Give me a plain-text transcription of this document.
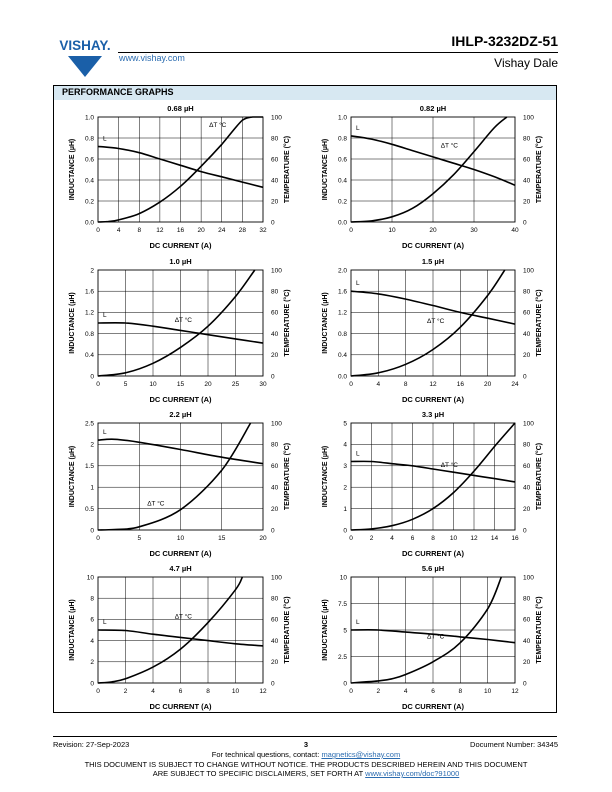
VISHAY.
www.vishay.com
IHLP-3232DZ-51
Vishay Dale
PERFORMANCE GRAPHS
0	4	8 12 16 20 24 28 32
0.0
0.2
0.4
0.6
0.8
1.0
0
20
40
60
80
100
0.68 µH
DC CURRENT (A)
INDUCTANCE (µH)	TEMPERATURE (°C)
L
ΔT °C
0	10	20	30	40
0.0
0.2
0.4
0.6
0.8
1.0
0
20
40
60
80
100
0.82 µH
DC CURRENT (A)
INDUCTANCE (µH)	TEMPERATURE (°C)
L
ΔT °C
0	5	10	15	20	25	30
0
0.4
0.8
1.2
1.6
2
0
20
40
60
80
100
1.0 µH
DC CURRENT (A)
INDUCTANCE (µH)	TEMPERATURE (°C)
L
ΔT °C
0	4	8	12	16	20	24
0.0
0.4
0.8
1.2
1.6
2.0
0
20
40
60
80
100
1.5 µH
DC CURRENT (A)
INDUCTANCE (µH)	TEMPERATURE (°C)
L
ΔT °C
0	5	10	15	20
0
0.5
1
1.5
2
2.5
0
20
40
60
80
100
2.2 µH
DC CURRENT (A)
INDUCTANCE (µH)	TEMPERATURE (°C)
L
ΔT °C
0	2	4	6	8 10 12 14 16
0
1
2
3
4
5
0
20
40
60
80
100
3.3 µH
DC CURRENT (A)
INDUCTANCE (µH)	TEMPERATURE (°C)
L
ΔT °C
0	2	4	6	8	10	12
0
2
4
6
8
10
0
20
40
60
80
100
4.7 µH
DC CURRENT (A)
INDUCTANCE (µH)	TEMPERATURE (°C)
L
ΔT °C
0	2	4	6	8	10	12
0
2.5
5
7.5
10
0
20
40
60
80
100
5.6 µH
DC CURRENT (A)
INDUCTANCE (µH)	TEMPERATURE (°C)
L
ΔT °C
Revision: 27-Sep-2023	3	Document Number: 34345
For technical questions, contact: magnetics@vishay.com
THIS DOCUMENT IS SUBJECT TO CHANGE WITHOUT NOTICE. THE PRODUCTS DESCRIBED HEREIN AND THIS DOCUMENT
ARE SUBJECT TO SPECIFIC DISCLAIMERS, SET FORTH AT www.vishay.com/doc?91000
